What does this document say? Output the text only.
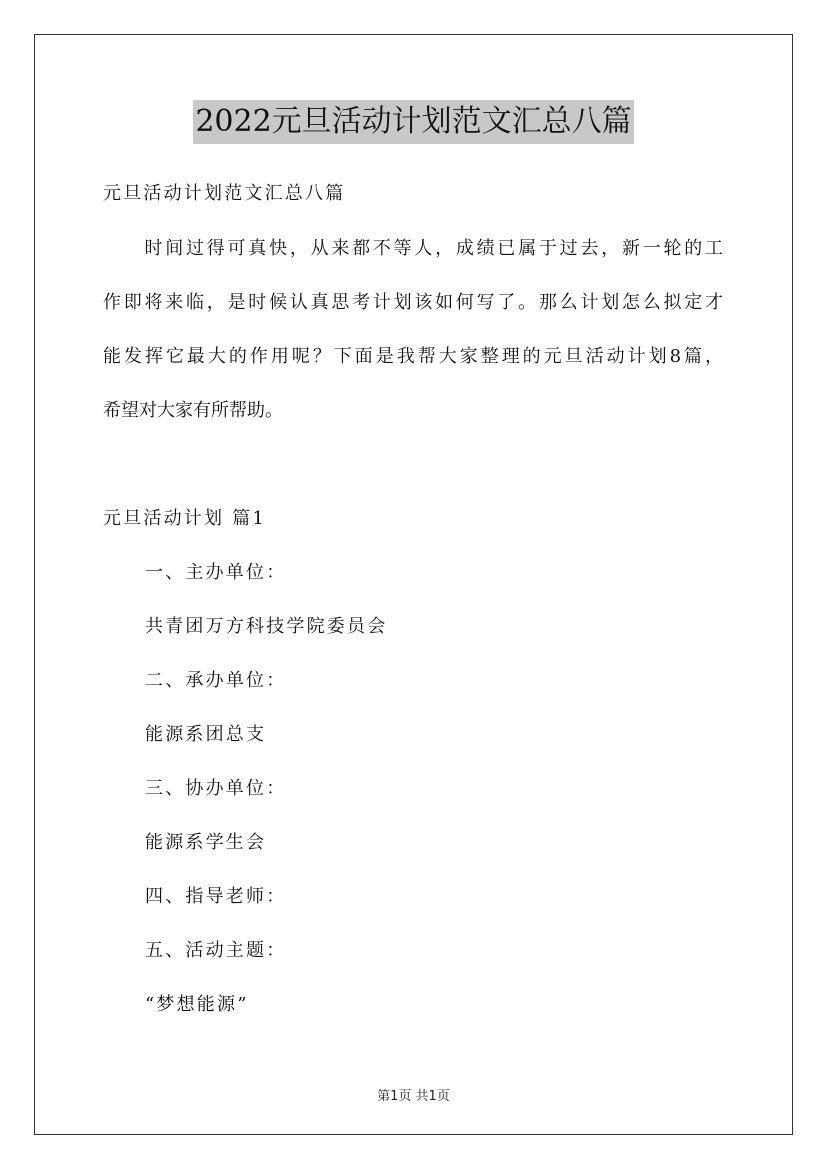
2022元旦活动计划范文汇总八篇
元旦活动计划范文汇总八篇
　　时间过得可真快，从来都不等人，成绩已属于过去，新一轮的工
作即将来临，是时候认真思考计划该如何写了。那么计划怎么拟定才
能发挥它最大的作用呢？下面是我帮大家整理的元旦活动计划8篇，
希望对大家有所帮助。
元旦活动计划 篇1
一、主办单位：
共青团万方科技学院委员会
二、承办单位：
能源系团总支
三、协办单位：
能源系学生会
四、指导老师：
五、活动主题：
“梦想能源”
第1页 共1页
